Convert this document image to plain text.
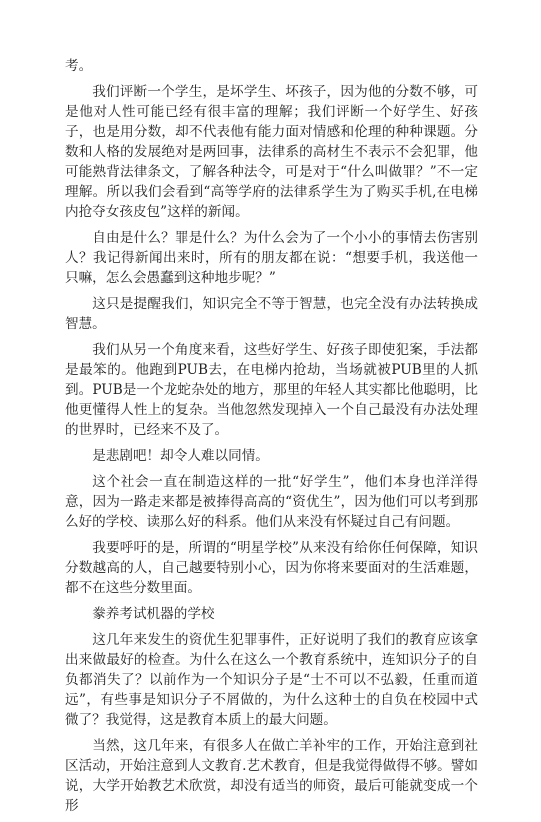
考。

我们评断一个学生，是坏学生、坏孩子，因为他的分数不够，可是他对人性可能已经有很丰富的理解；我们评断一个好学生、好孩子，也是用分数，却不代表他有能力面对情感和伦理的种种课题。分数和人格的发展绝对是两回事，法律系的高材生不表示不会犯罪，他可能熟背法律条文，了解各种法令，可是对于“什么叫做罪？”不一定理解。所以我们会看到“高等学府的法律系学生为了购买手机,在电梯内抢夺女孩皮包”这样的新闻。

自由是什么？罪是什么？为什么会为了一个小小的事情去伤害别人？我记得新闻出来时，所有的朋友都在说：“想要手机，我送他一只嘛，怎么会愚蠢到这种地步呢？”

这只是提醒我们，知识完全不等于智慧，也完全没有办法转换成智慧。

我们从另一个角度来看，这些好学生、好孩子即使犯案，手法都是最笨的。他跑到PUB去，在电梯内抢劫，当场就被PUB里的人抓到。PUB是一个龙蛇杂处的地方，那里的年轻人其实都比他聪明，比他更懂得人性上的复杂。当他忽然发现掉入一个自己最没有办法处理的世界时，已经来不及了。

是悲剧吧！却令人难以同情。

这个社会一直在制造这样的一批“好学生”，他们本身也洋洋得意，因为一路走来都是被捧得高高的“资优生”，因为他们可以考到那么好的学校、读那么好的科系。他们从来没有怀疑过自己有问题。

我要呼吁的是，所谓的“明星学校”从来没有给你任何保障，知识分数越高的人，自己越要特别小心，因为你将来要面对的生活难题，都不在这些分数里面。

豢养考试机器的学校

这几年来发生的资优生犯罪事件，正好说明了我们的教育应该拿出来做最好的检查。为什么在这么一个教育系统中，连知识分子的自负都消失了？以前作为一个知识分子是“士不可以不弘毅，任重而道远”，有些事是知识分子不屑做的，为什么这种士的自负在校园中式微了？我觉得，这是教育本质上的最大问题。

当然，这几年来，有很多人在做亡羊补牢的工作，开始注意到社区活动，开始注意到人文教育.艺术教育，但是我觉得做得不够。譬如说，大学开始教艺术欣赏，却没有适当的师资，最后可能就变成一个形
